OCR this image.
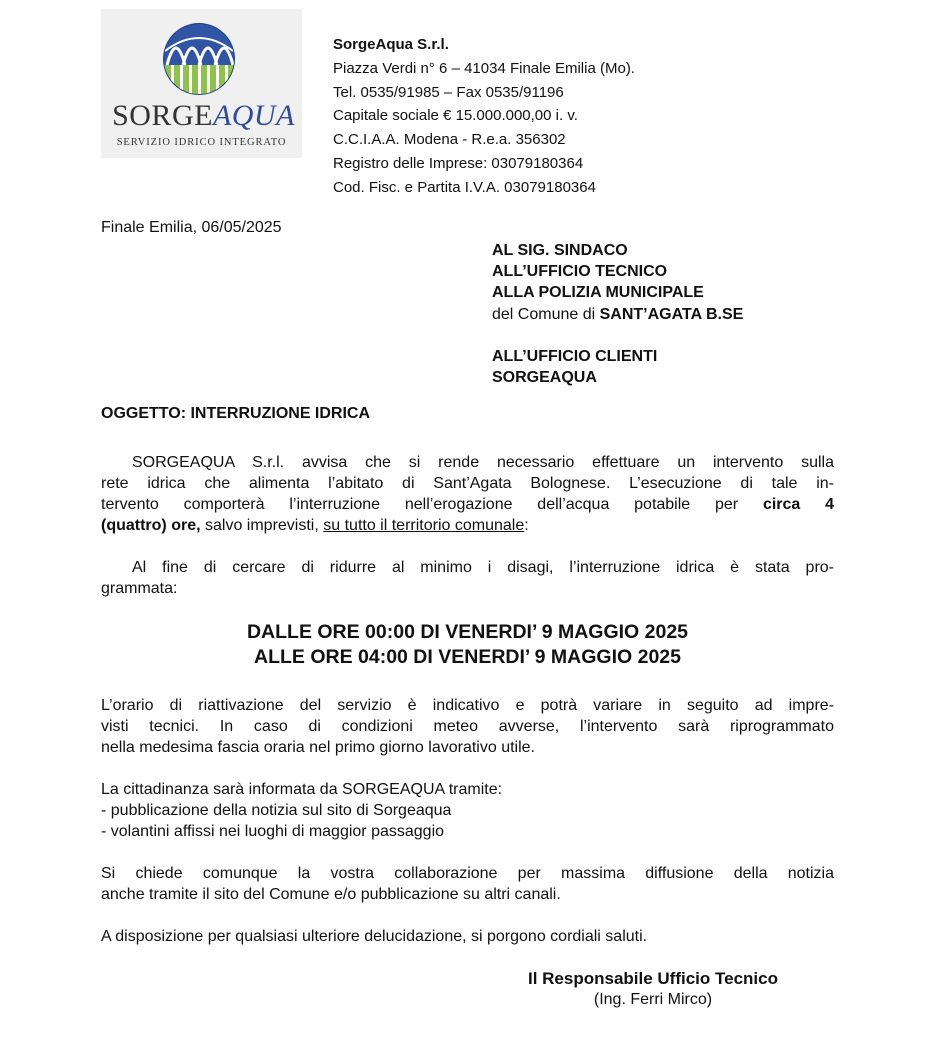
SORGEAQUA
SERVIZIO IDRICO INTEGRATO
SorgeAqua S.r.l.
Piazza Verdi n° 6 – 41034 Finale Emilia (Mo).
Tel. 0535/91985 – Fax 0535/91196
Capitale sociale € 15.000.000,00 i. v.
C.C.I.A.A. Modena - R.e.a. 356302
Registro delle Imprese: 03079180364
Cod. Fisc. e Partita I.V.A. 03079180364
Finale Emilia, 06/05/2025
AL SIG. SINDACO
ALL’UFFICIO TECNICO
ALLA POLIZIA MUNICIPALE
del Comune di SANT’AGATA B.SE
ALL’UFFICIO CLIENTI
SORGEAQUA
OGGETTO: INTERRUZIONE IDRICA
SORGEAQUA S.r.l. avvisa che si rende necessario effettuare un intervento sulla
rete idrica che alimenta l’abitato di Sant’Agata Bolognese. L’esecuzione di tale in-
tervento comporterà l’interruzione nell’erogazione dell’acqua potabile per circa 4
(quattro) ore, salvo imprevisti, su tutto il territorio comunale:
Al fine di cercare di ridurre al minimo i disagi, l’interruzione idrica è stata pro-
grammata:
DALLE ORE 00:00 DI VENERDI’ 9 MAGGIO 2025
ALLE ORE 04:00 DI VENERDI’ 9 MAGGIO 2025
L’orario di riattivazione del servizio è indicativo e potrà variare in seguito ad impre-
visti tecnici. In caso di condizioni meteo avverse, l’intervento sarà riprogrammato
nella medesima fascia oraria nel primo giorno lavorativo utile.
La cittadinanza sarà informata da SORGEAQUA tramite:
- pubblicazione della notizia sul sito di Sorgeaqua
- volantini affissi nei luoghi di maggior passaggio
Si chiede comunque la vostra collaborazione per massima diffusione della notizia
anche tramite il sito del Comune e/o pubblicazione su altri canali.
A disposizione per qualsiasi ulteriore delucidazione, si porgono cordiali saluti.
Il Responsabile Ufficio Tecnico
(Ing. Ferri Mirco)
